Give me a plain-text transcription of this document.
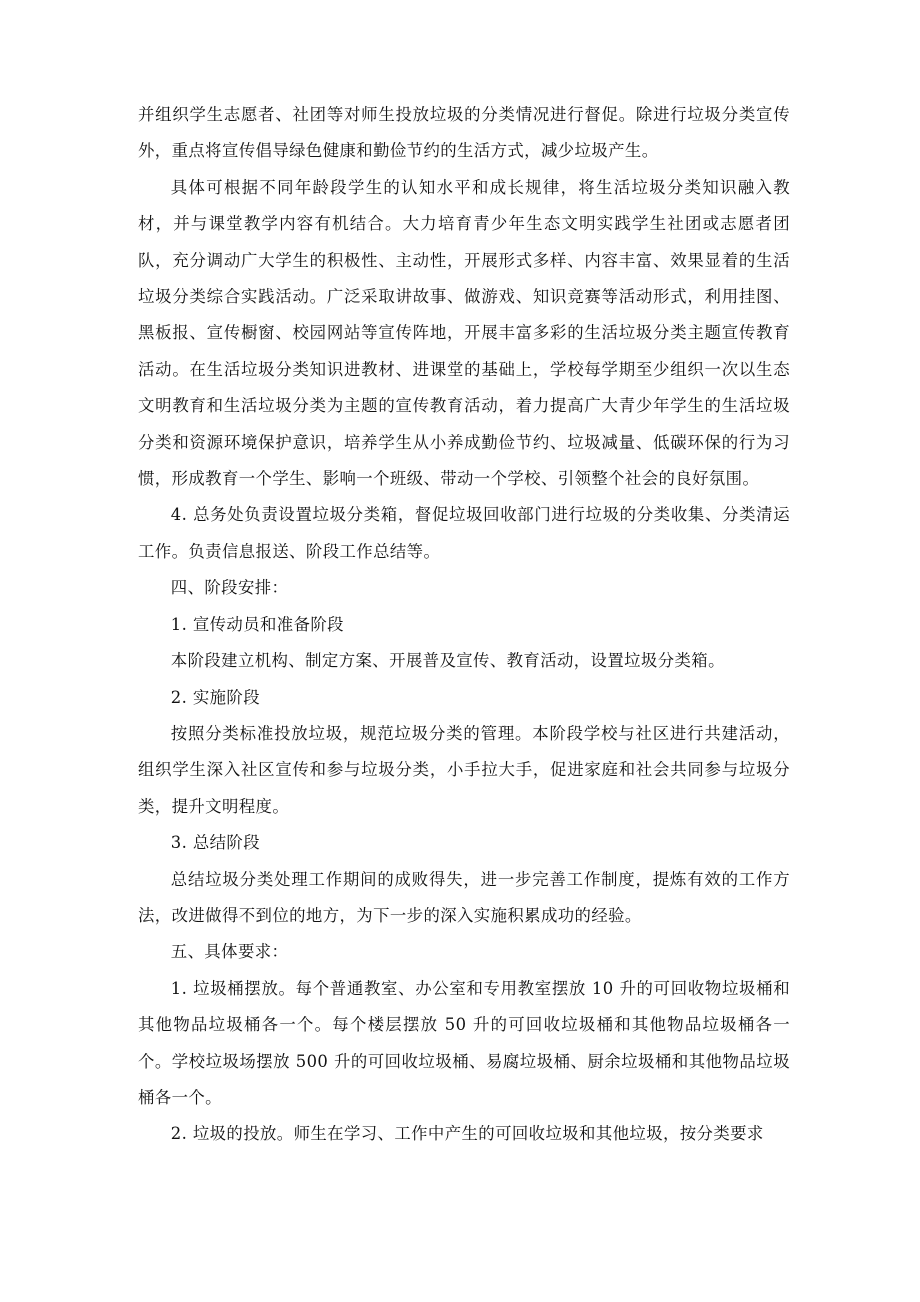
并组织学生志愿者、社团等对师生投放垃圾的分类情况进行督促。除进行垃圾分类宣传外，重点将宣传倡导绿色健康和勤俭节约的生活方式，减少垃圾产生。

具体可根据不同年龄段学生的认知水平和成长规律，将生活垃圾分类知识融入教材，并与课堂教学内容有机结合。大力培育青少年生态文明实践学生社团或志愿者团队，充分调动广大学生的积极性、主动性，开展形式多样、内容丰富、效果显着的生活垃圾分类综合实践活动。广泛采取讲故事、做游戏、知识竞赛等活动形式，利用挂图、黑板报、宣传橱窗、校园网站等宣传阵地，开展丰富多彩的生活垃圾分类主题宣传教育活动。在生活垃圾分类知识进教材、进课堂的基础上，学校每学期至少组织一次以生态文明教育和生活垃圾分类为主题的宣传教育活动，着力提高广大青少年学生的生活垃圾分类和资源环境保护意识，培养学生从小养成勤俭节约、垃圾减量、低碳环保的行为习惯，形成教育一个学生、影响一个班级、带动一个学校、引领整个社会的良好氛围。

4. 总务处负责设置垃圾分类箱，督促垃圾回收部门进行垃圾的分类收集、分类清运工作。负责信息报送、阶段工作总结等。

四、阶段安排：

1. 宣传动员和准备阶段

本阶段建立机构、制定方案、开展普及宣传、教育活动，设置垃圾分类箱。

2. 实施阶段

按照分类标准投放垃圾，规范垃圾分类的管理。本阶段学校与社区进行共建活动，组织学生深入社区宣传和参与垃圾分类，小手拉大手，促进家庭和社会共同参与垃圾分类，提升文明程度。

3. 总结阶段

总结垃圾分类处理工作期间的成败得失，进一步完善工作制度，提炼有效的工作方法，改进做得不到位的地方，为下一步的深入实施积累成功的经验。

五、具体要求：

1. 垃圾桶摆放。每个普通教室、办公室和专用教室摆放 10 升的可回收物垃圾桶和其他物品垃圾桶各一个。每个楼层摆放 50 升的可回收垃圾桶和其他物品垃圾桶各一个。学校垃圾场摆放 500 升的可回收垃圾桶、易腐垃圾桶、厨余垃圾桶和其他物品垃圾桶各一个。

2. 垃圾的投放。师生在学习、工作中产生的可回收垃圾和其他垃圾，按分类要求
